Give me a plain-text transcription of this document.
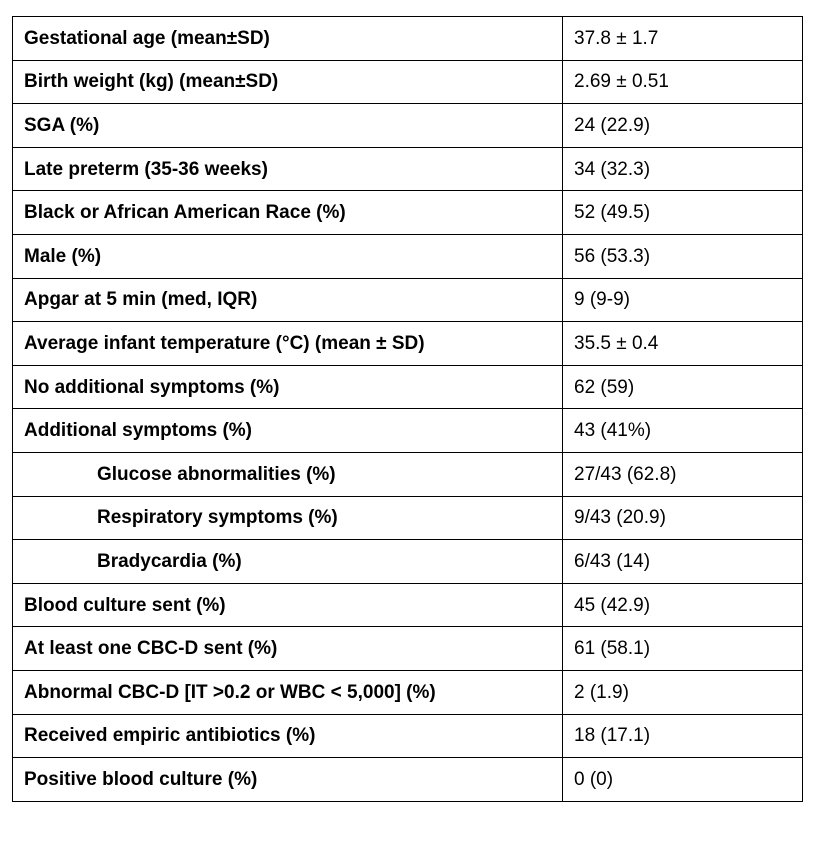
Gestational age (mean±SD)	37.8 ± 1.7
Birth weight (kg) (mean±SD)	2.69 ± 0.51
SGA (%)	24 (22.9)
Late preterm (35-36 weeks)	34 (32.3)
Black or African American Race (%)	52 (49.5)
Male (%)	56 (53.3)
Apgar at 5 min (med, IQR)	9 (9-9)
Average infant temperature (°C) (mean ± SD)	35.5 ± 0.4
No additional symptoms (%)	62 (59)
Additional symptoms (%)	43 (41%)
Glucose abnormalities (%)	27/43 (62.8)
Respiratory symptoms (%)	9/43 (20.9)
Bradycardia (%)	6/43 (14)
Blood culture sent (%)	45 (42.9)
At least one CBC-D sent (%)	61 (58.1)
Abnormal CBC-D [IT >0.2 or WBC < 5,000] (%)	2 (1.9)
Received empiric antibiotics (%)	18 (17.1)
Positive blood culture (%)	0 (0)
